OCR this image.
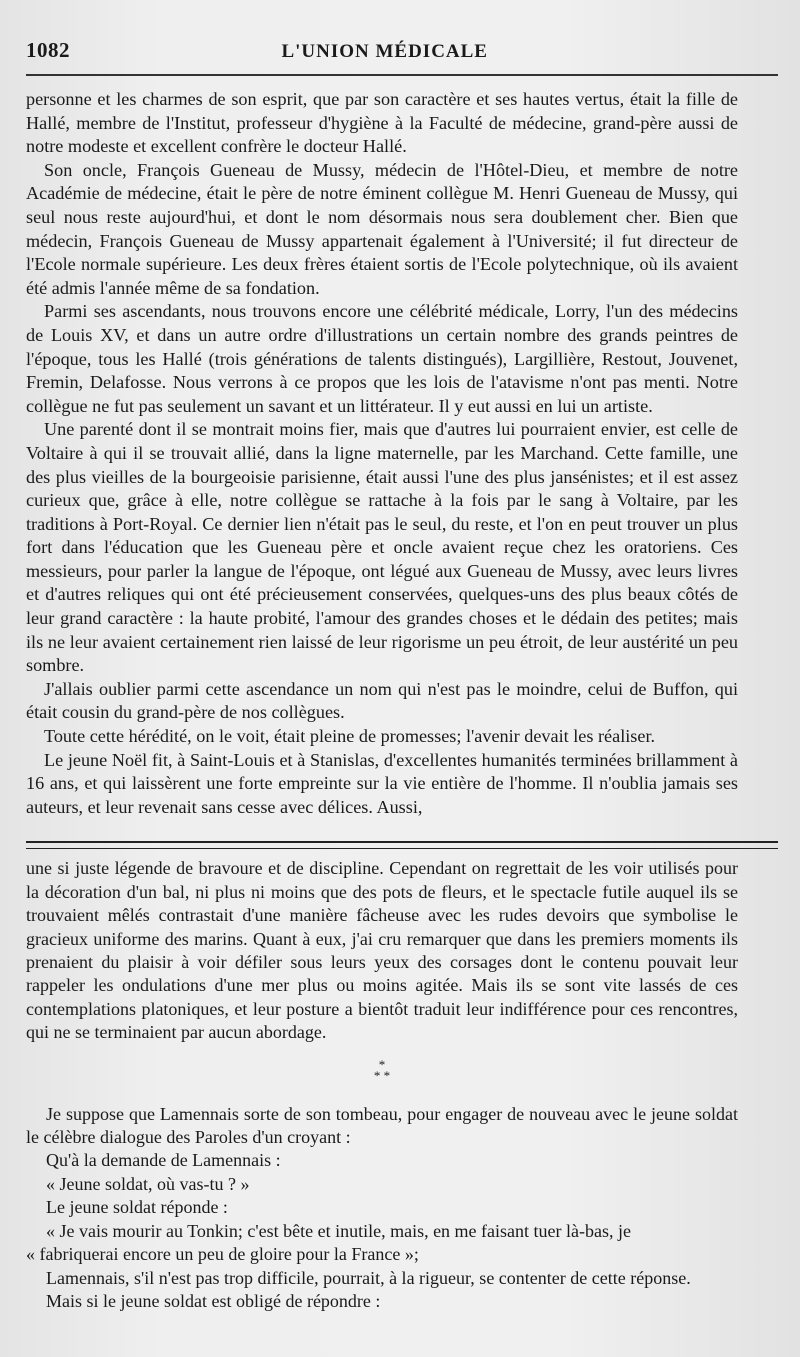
1082	L'UNION MÉDICALE

personne et les charmes de son esprit, que par son caractère et ses hautes vertus, était la fille de Hallé, membre de l'Institut, professeur d'hygiène à la Faculté de médecine, grand-père aussi de notre modeste et excellent confrère le docteur Hallé.

Son oncle, François Gueneau de Mussy, médecin de l'Hôtel-Dieu, et membre de notre Académie de médecine, était le père de notre éminent collègue M. Henri Gueneau de Mussy, qui seul nous reste aujourd'hui, et dont le nom désormais nous sera doublement cher. Bien que médecin, François Gueneau de Mussy appartenait également à l'Université; il fut directeur de l'Ecole normale supérieure. Les deux frères étaient sortis de l'Ecole polytechnique, où ils avaient été admis l'année même de sa fondation.

Parmi ses ascendants, nous trouvons encore une célébrité médicale, Lorry, l'un des médecins de Louis XV, et dans un autre ordre d'illustrations un certain nombre des grands peintres de l'époque, tous les Hallé (trois générations de talents distingués), Largillière, Restout, Jouvenet, Fremin, Delafosse. Nous verrons à ce propos que les lois de l'atavisme n'ont pas menti. Notre collègue ne fut pas seulement un savant et un littérateur. Il y eut aussi en lui un artiste.

Une parenté dont il se montrait moins fier, mais que d'autres lui pourraient envier, est celle de Voltaire à qui il se trouvait allié, dans la ligne maternelle, par les Marchand. Cette famille, une des plus vieilles de la bourgeoisie parisienne, était aussi l'une des plus jansénistes; et il est assez curieux que, grâce à elle, notre collègue se rattache à la fois par le sang à Voltaire, par les traditions à Port-Royal. Ce dernier lien n'était pas le seul, du reste, et l'on en peut trouver un plus fort dans l'éducation que les Gueneau père et oncle avaient reçue chez les oratoriens. Ces messieurs, pour parler la langue de l'époque, ont légué aux Gueneau de Mussy, avec leurs livres et d'autres reliques qui ont été précieusement conservées, quelques-uns des plus beaux côtés de leur grand caractère : la haute probité, l'amour des grandes choses et le dédain des petites; mais ils ne leur avaient certainement rien laissé de leur rigorisme un peu étroit, de leur austérité un peu sombre.

J'allais oublier parmi cette ascendance un nom qui n'est pas le moindre, celui de Buffon, qui était cousin du grand-père de nos collègues.

Toute cette hérédité, on le voit, était pleine de promesses; l'avenir devait les réaliser.

Le jeune Noël fit, à Saint-Louis et à Stanislas, d'excellentes humanités terminées brillamment à 16 ans, et qui laissèrent une forte empreinte sur la vie entière de l'homme. Il n'oublia jamais ses auteurs, et leur revenait sans cesse avec délices. Aussi,

une si juste légende de bravoure et de discipline. Cependant on regrettait de les voir utilisés pour la décoration d'un bal, ni plus ni moins que des pots de fleurs, et le spectacle futile auquel ils se trouvaient mêlés contrastait d'une manière fâcheuse avec les rudes devoirs que symbolise le gracieux uniforme des marins. Quant à eux, j'ai cru remarquer que dans les premiers moments ils prenaient du plaisir à voir défiler sous leurs yeux des corsages dont le contenu pouvait leur rappeler les ondulations d'une mer plus ou moins agitée. Mais ils se sont vite lassés de ces contemplations platoniques, et leur posture a bientôt traduit leur indifférence pour ces rencontres, qui ne se terminaient par aucun abordage.

*
* *

Je suppose que Lamennais sorte de son tombeau, pour engager de nouveau avec le jeune soldat le célèbre dialogue des Paroles d'un croyant :

Qu'à la demande de Lamennais :

« Jeune soldat, où vas-tu ? »

Le jeune soldat réponde :

« Je vais mourir au Tonkin; c'est bête et inutile, mais, en me faisant tuer là-bas, je

« fabriquerai encore un peu de gloire pour la France »;

Lamennais, s'il n'est pas trop difficile, pourrait, à la rigueur, se contenter de cette réponse.

Mais si le jeune soldat est obligé de répondre :
